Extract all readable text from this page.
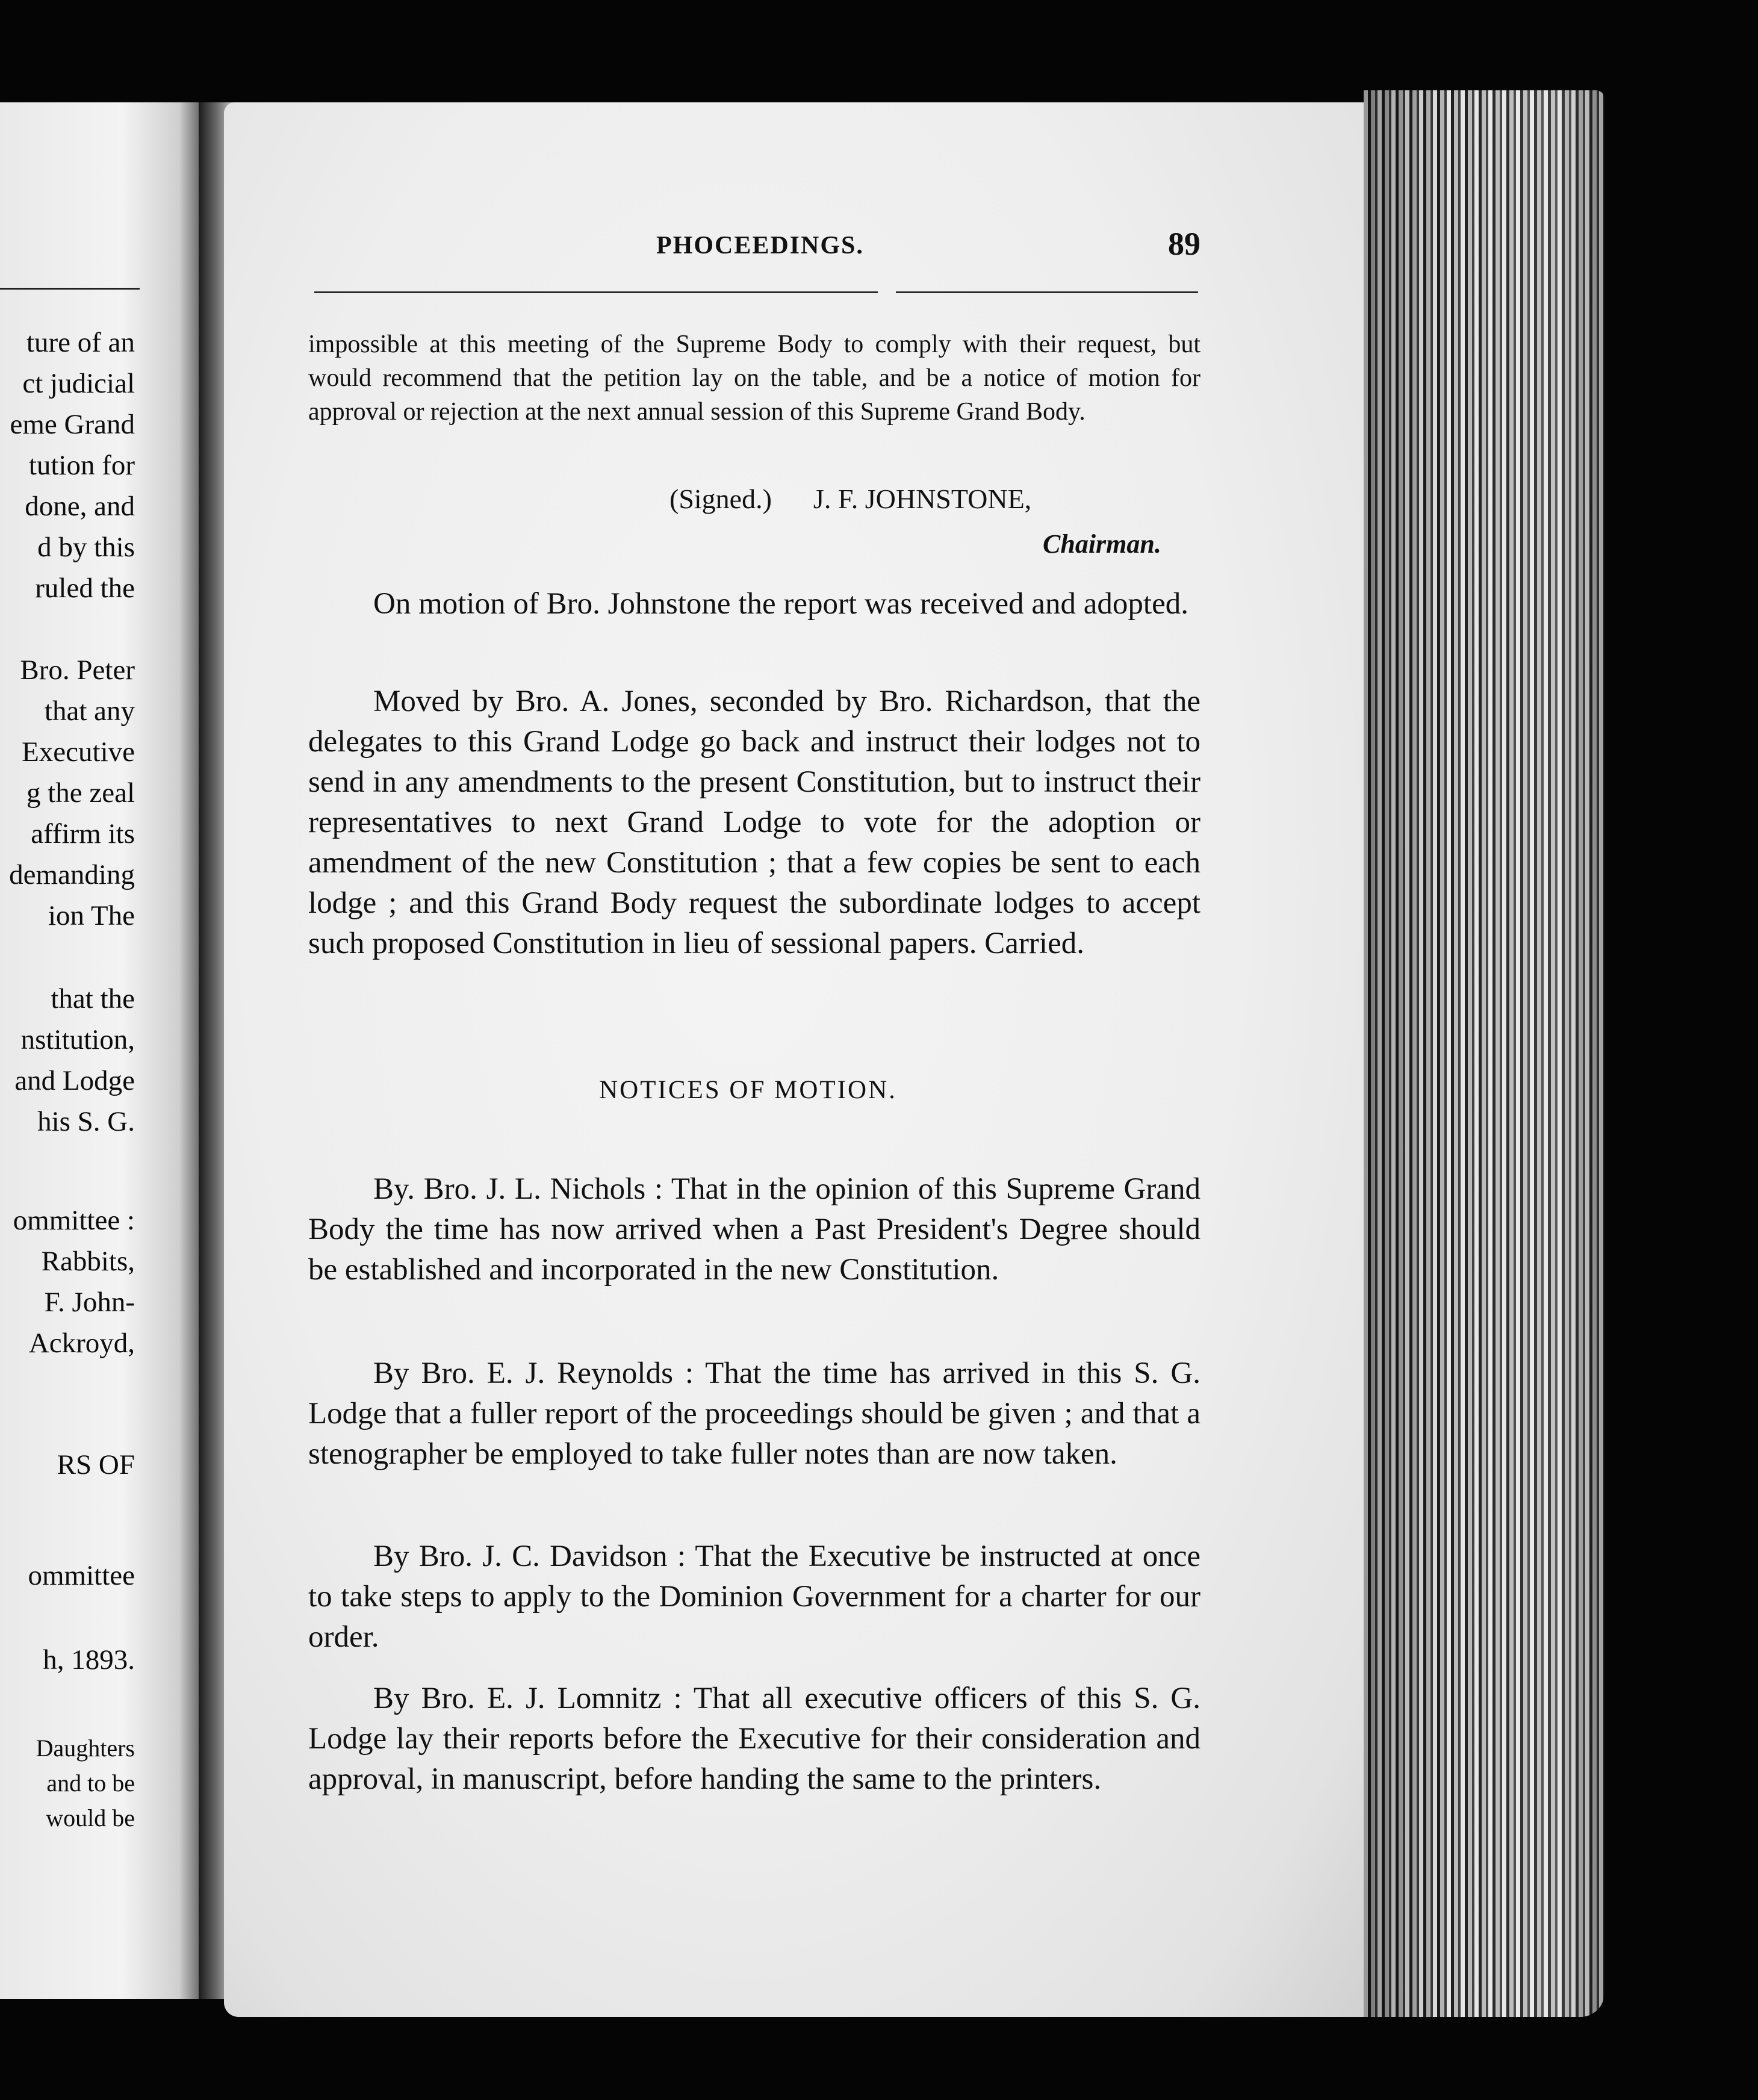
ture of an

ct judicial

eme Grand

tution for

done, and

d by this

ruled the

Bro. Peter

that any

Executive

g the zeal

affirm its

demanding

ion The

that the

nstitution,

and Lodge

his S. G.

ommittee :

Rabbits,

F. John-

Ackroyd,

RS OF

ommittee

h, 1893.

Daughters

and to be

would be

PHOCEEDINGS.	89

impossible at this meeting of the Supreme Body to comply with their request, but would recommend that the petition lay on the table, and be a notice of motion for approval or rejection at the next annual session of this Supreme Grand Body.

(Signed.) J. F. JOHNSTONE,

Chairman.

On motion of Bro. Johnstone the report was received and adopted.

Moved by Bro. A. Jones, seconded by Bro. Richardson, that the delegates to this Grand Lodge go back and instruct their lodges not to send in any amendments to the present Constitution, but to instruct their representatives to next Grand Lodge to vote for the adoption or amendment of the new Constitution ; that a few copies be sent to each lodge ; and this Grand Body request the subordinate lodges to accept such proposed Constitution in lieu of sessional papers. Carried.

NOTICES OF MOTION.

By. Bro. J. L. Nichols : That in the opinion of this Supreme Grand Body the time has now arrived when a Past President's Degree should be established and incorporated in the new Constitution.

By Bro. E. J. Reynolds : That the time has arrived in this S. G. Lodge that a fuller report of the proceedings should be given ; and that a stenographer be employed to take fuller notes than are now taken.

By Bro. J. C. Davidson : That the Executive be instructed at once to take steps to apply to the Dominion Government for a charter for our order.

By Bro. E. J. Lomnitz : That all executive officers of this S. G. Lodge lay their reports before the Executive for their consideration and approval, in manuscript, before handing the same to the printers.
